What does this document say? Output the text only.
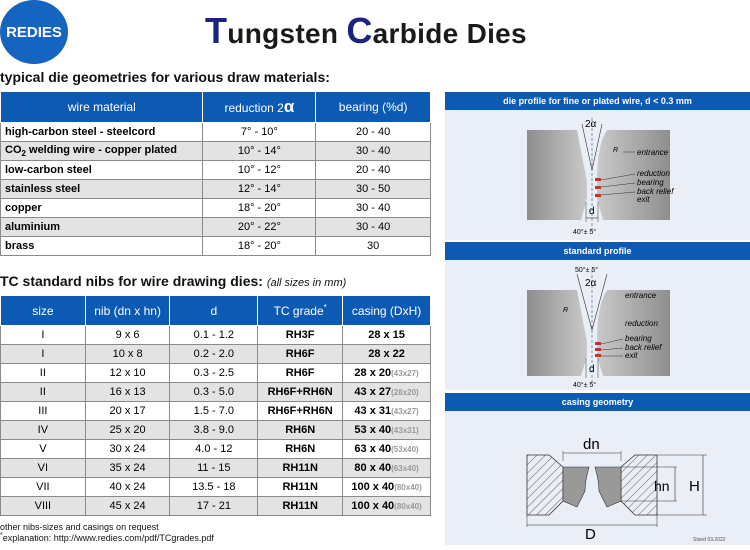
REDIES	Tungsten Carbide Dies
typical die geometries for various draw materials:
wire material	reduction 2α	bearing (%d)
high-carbon steel - steelcord	7° - 10°	20 - 40
$CO_2$ welding wire - copper plated	10° - 14°	30 - 40
low-carbon steel	10° - 12°	20 - 40
stainless steel	12° - 14°	30 - 50
copper	18° - 20°	30 - 40
aluminium	20° - 22°	30 - 40
brass	18° - 20°	30
TC standard nibs for wire drawing dies: (all sizes in mm)
size	nib (dn x hn)	d	TC grade*	casing (DxH)
I	9 x 6	0.1 - 1.2	RH3F	28 x 15
I	10 x 8	0.2 - 2.0	RH6F	28 x 22
II	12 x 10	0.3 - 2.5	RH6F	28 x 20(43x27)
II	16 x 13	0.3 - 5.0	RH6F+RH6N	43 x 27(28x20)
III	20 x 17	1.5 - 7.0	RH6F+RH6N	43 x 31(43x27)
IV	25 x 20	3.8 - 9.0	RH6N	53 x 40(43x31)
V	30 x 24	4.0 - 12	RH6N	63 x 40(53x40)
VI	35 x 24	11 - 15	RH11N	80 x 40(63x40)
VII	40 x 24	13.5 - 18	RH11N	100 x 40(80x40)
VIII	45 x 24	17 - 21	RH11N	100 x 40(80x40)
other nibs-sizes and casings on request
*explanation: http://www.redies.com/pdf/TCgrades.pdf
die profile for fine or plated wire, d < 0.3 mm
2α
R entrance
reduction
bearing
back relief
exit
d
40°± 5°
standard profile
50°± 5°
2α
R
entrance
reduction
bearing
back relief
exit
d
40°± 5°
casing geometry
dn
hn H
D	Stand 03.2022
